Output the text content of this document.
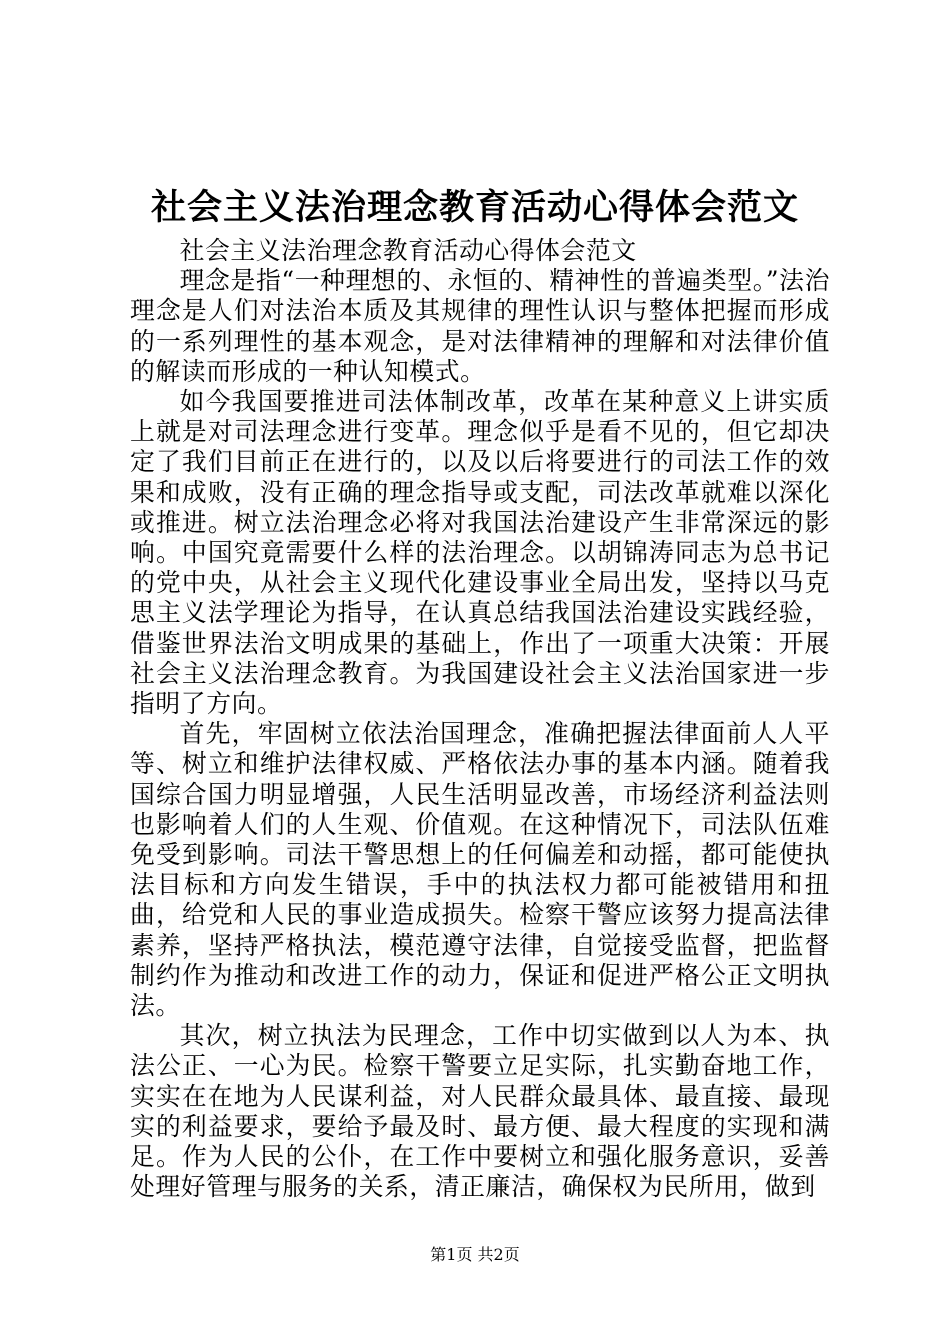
社会主义法治理念教育活动心得体会范文

社会主义法治理念教育活动心得体会范文

理念是指“一种理想的、永恒的、精神性的普遍类型。”法治理念是人们对法治本质及其规律的理性认识与整体把握而形成的一系列理性的基本观念，是对法律精神的理解和对法律价值的解读而形成的一种认知模式。

如今我国要推进司法体制改革，改革在某种意义上讲实质上就是对司法理念进行变革。理念似乎是看不见的，但它却决定了我们目前正在进行的，以及以后将要进行的司法工作的效果和成败，没有正确的理念指导或支配，司法改革就难以深化或推进。树立法治理念必将对我国法治建设产生非常深远的影响。中国究竟需要什么样的法治理念。以胡锦涛同志为总书记的党中央，从社会主义现代化建设事业全局出发，坚持以马克思主义法学理论为指导，在认真总结我国法治建设实践经验，借鉴世界法治文明成果的基础上，作出了一项重大决策：开展社会主义法治理念教育。为我国建设社会主义法治国家进一步指明了方向。

首先，牢固树立依法治国理念，准确把握法律面前人人平等、树立和维护法律权威、严格依法办事的基本内涵。随着我国综合国力明显增强，人民生活明显改善，市场经济利益法则也影响着人们的人生观、价值观。在这种情况下，司法队伍难免受到影响。司法干警思想上的任何偏差和动摇，都可能使执法目标和方向发生错误，手中的执法权力都可能被错用和扭曲，给党和人民的事业造成损失。检察干警应该努力提高法律素养，坚持严格执法，模范遵守法律，自觉接受监督，把监督制约作为推动和改进工作的动力，保证和促进严格公正文明执法。

其次，树立执法为民理念，工作中切实做到以人为本、执法公正、一心为民。检察干警要立足实际，扎实勤奋地工作，实实在在地为人民谋利益，对人民群众最具体、最直接、最现实的利益要求，要给予最及时、最方便、最大程度的实现和满足。作为人民的公仆，在工作中要树立和强化服务意识，妥善处理好管理与服务的关系，清正廉洁，确保权为民所用，做到

第1页 共2页
